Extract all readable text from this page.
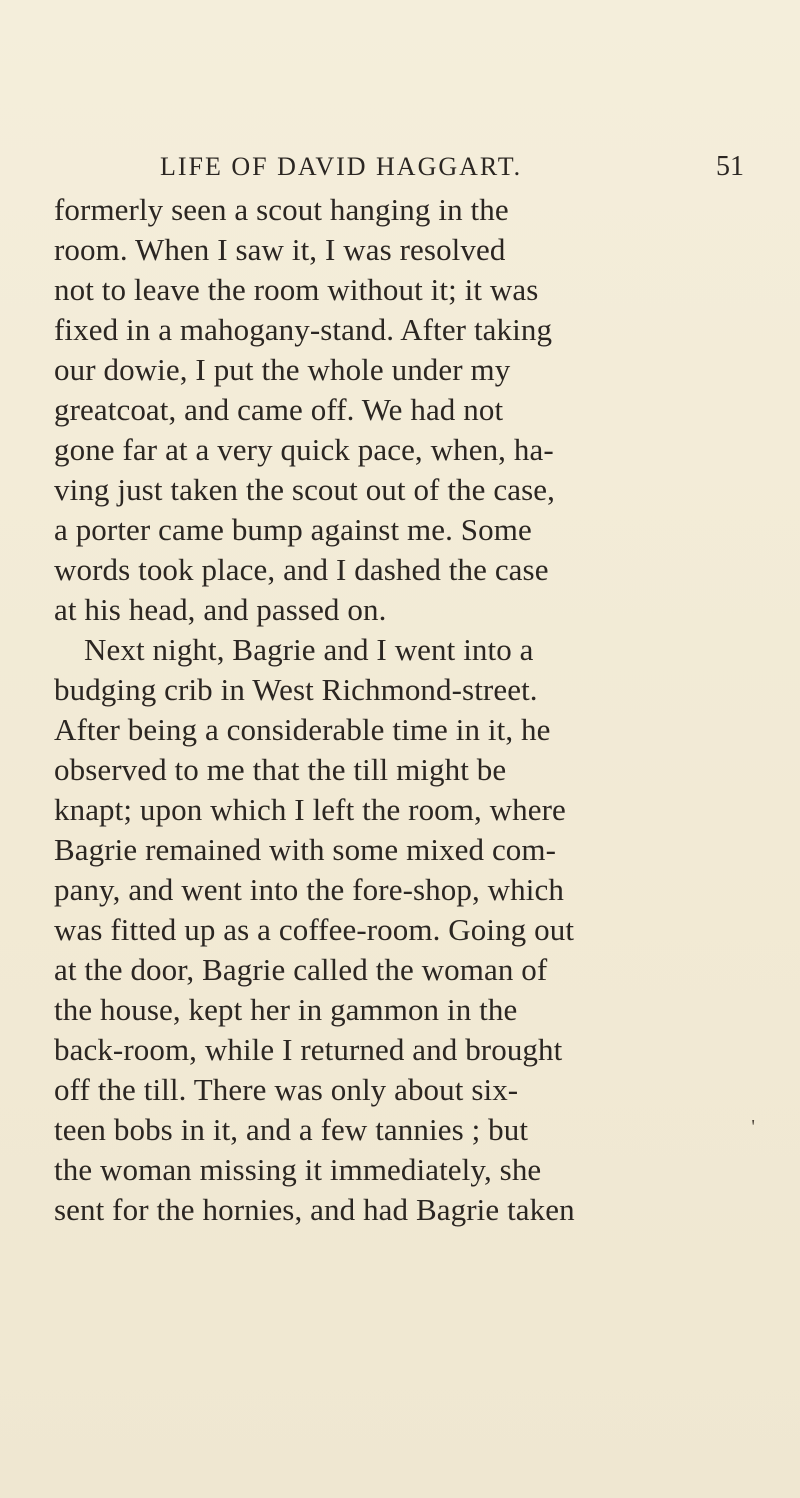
LIFE OF DAVID HAGGART.	51
formerly seen a scout hanging in the
room. When I saw it, I was resolved
not to leave the room without it; it was
fixed in a mahogany-stand. After taking
our dowie, I put the whole under my
greatcoat, and came off. We had not
gone far at a very quick pace, when, ha-
ving just taken the scout out of the case,
a porter came bump against me. Some
words took place, and I dashed the case
at his head, and passed on.
Next night, Bagrie and I went into a
budging crib in West Richmond-street.
After being a considerable time in it, he
observed to me that the till might be
knapt; upon which I left the room, where
Bagrie remained with some mixed com-
pany, and went into the fore-shop, which
was fitted up as a coffee-room. Going out
at the door, Bagrie called the woman of
the house, kept her in gammon in the
back-room, while I returned and brought
off the till. There was only about six-
teen bobs in it, and a few tannies ; but
the woman missing it immediately, she
sent for the hornies, and had Bagrie taken
'
